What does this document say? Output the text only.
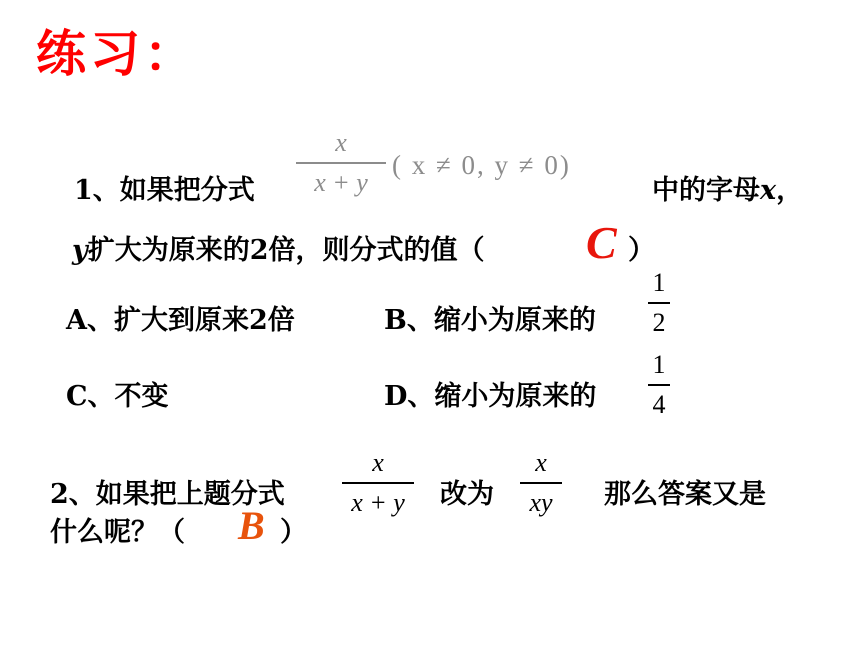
练习：
1、如果把分式
x
x + y
( x ≠ 0, y ≠ 0)
中的字母x，
y扩大为原来的2倍，则分式的值（ C ）
A、扩大到原来2倍	B、缩小为原来的
1
2
C、不变	D、缩小为原来的
1
4
2、如果把上题分式
x
x + y 改为
x
xy 那么答案又是
什么呢？（ B ）
